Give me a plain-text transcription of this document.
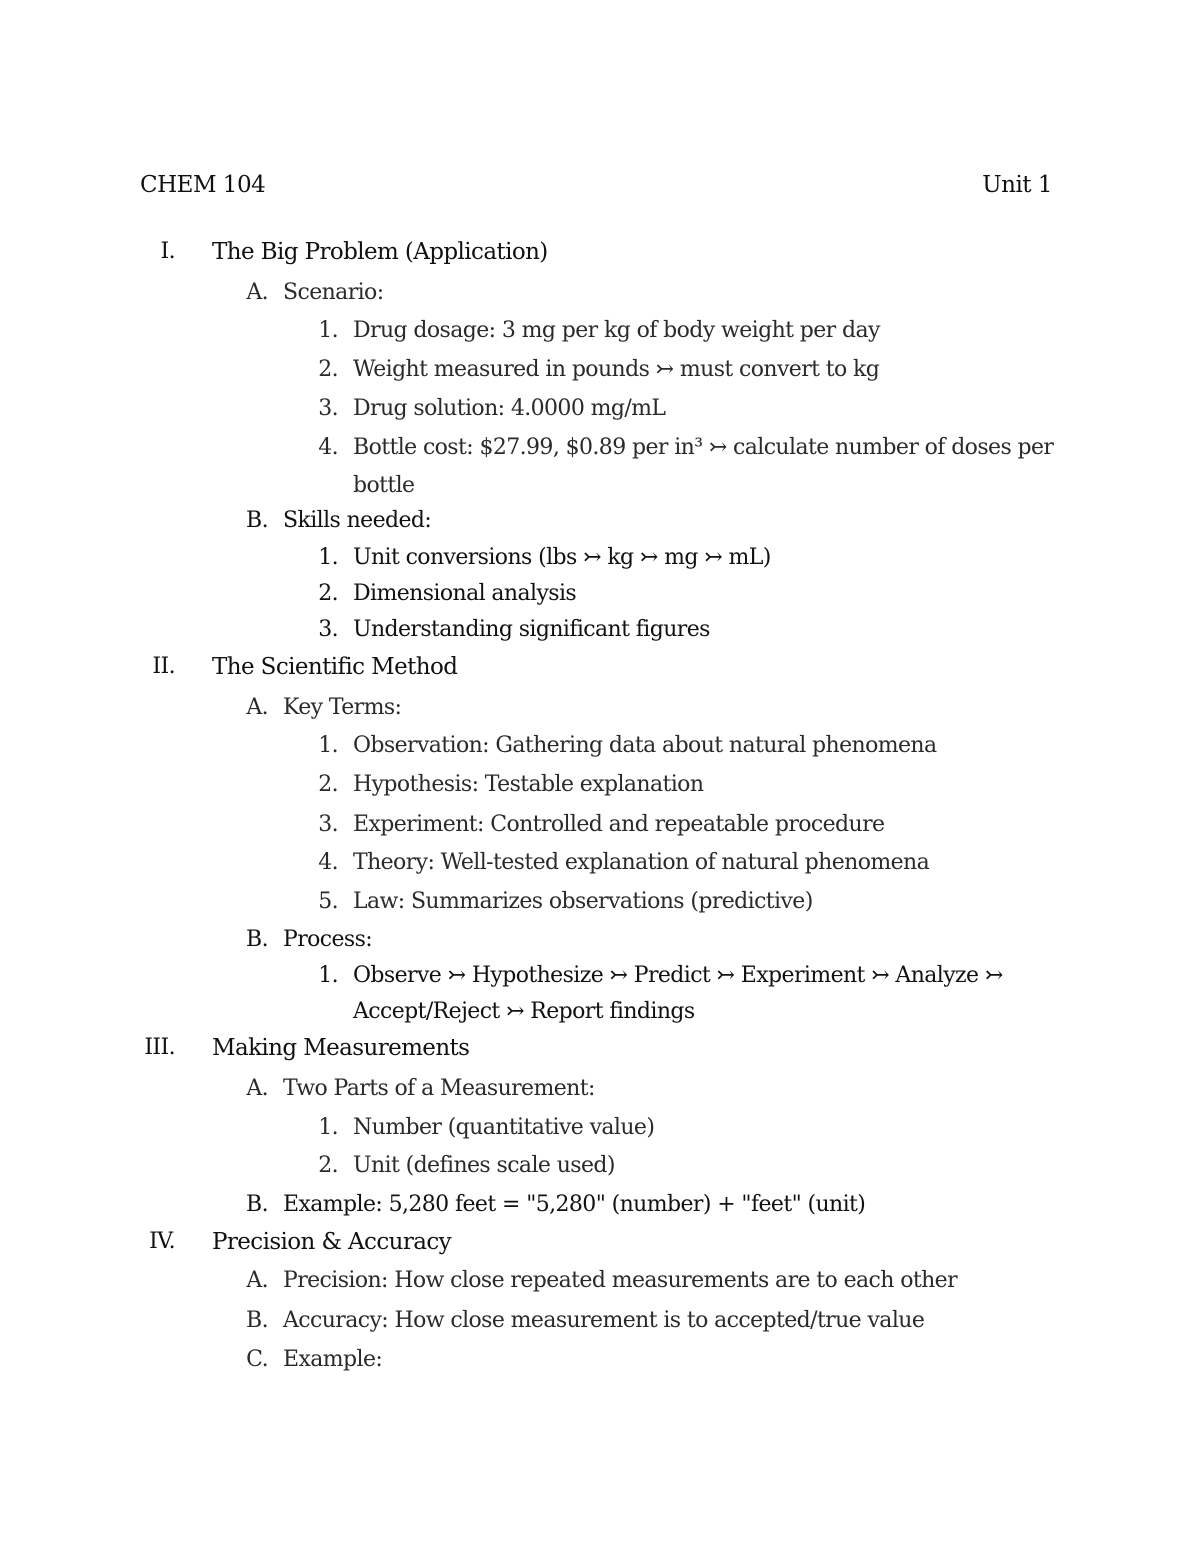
CHEM 104	Unit 1
I. The Big Problem (Application)
A. Scenario:
1. Drug dosage: 3 mg per kg of body weight per day
2. Weight measured in pounds ↣ must convert to kg
3. Drug solution: 4.0000 mg/mL
4. Bottle cost: $27.99, $0.89 per in³ ↣ calculate number of doses per
bottle
B. Skills needed:
1. Unit conversions (lbs ↣ kg ↣ mg ↣ mL)
2. Dimensional analysis
3. Understanding significant figures
II. The Scientific Method
A. Key Terms:
1. Observation: Gathering data about natural phenomena
2. Hypothesis: Testable explanation
3. Experiment: Controlled and repeatable procedure
4. Theory: Well-tested explanation of natural phenomena
5. Law: Summarizes observations (predictive)
B. Process:
1. Observe ↣ Hypothesize ↣ Predict ↣ Experiment ↣ Analyze ↣
Accept/Reject ↣ Report findings
III. Making Measurements
A. Two Parts of a Measurement:
1. Number (quantitative value)
2. Unit (defines scale used)
B. Example: 5,280 feet = "5,280" (number) + "feet" (unit)
IV. Precision & Accuracy
A. Precision: How close repeated measurements are to each other
B. Accuracy: How close measurement is to accepted/true value
C. Example:
